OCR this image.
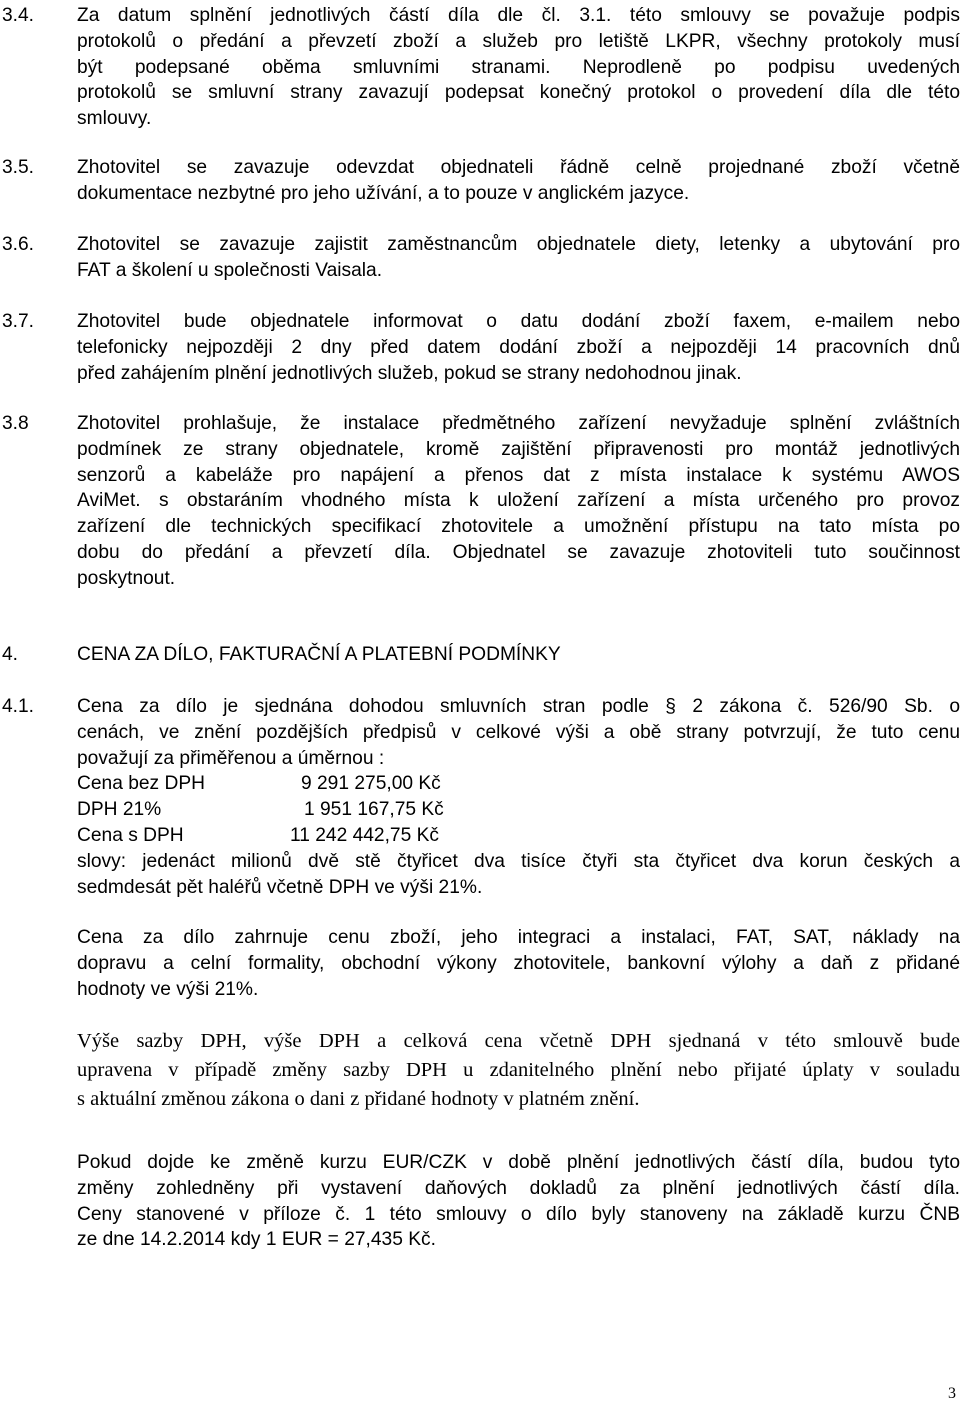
3.4.	Za datum splnění jednotlivých částí díla dle čl. 3.1. této smlouvy se považuje podpis
protokolů o předání a převzetí zboží a služeb pro letiště LKPR, všechny protokoly musí
být podepsané oběma smluvními stranami. Neprodleně po podpisu uvedených
protokolů se smluvní strany zavazují podepsat konečný protokol o provedení díla dle této
smlouvy.
3.5.	Zhotovitel se zavazuje odevzdat objednateli řádně celně projednané zboží včetně
dokumentace nezbytné pro jeho užívání, a to pouze v anglickém jazyce.
3.6.	Zhotovitel se zavazuje zajistit zaměstnancům objednatele diety, letenky a ubytování pro
FAT a školení u společnosti Vaisala.
3.7.	Zhotovitel bude objednatele informovat o datu dodání zboží faxem, e-mailem nebo
telefonicky nejpozději 2 dny před datem dodání zboží a nejpozději 14 pracovních dnů
před zahájením plnění jednotlivých služeb, pokud se strany nedohodnou jinak.
3.8	Zhotovitel prohlašuje, že instalace předmětného zařízení nevyžaduje splnění zvláštních
podmínek ze strany objednatele, kromě zajištění připravenosti pro montáž jednotlivých
senzorů a kabeláže pro napájení a přenos dat z místa instalace k systému AWOS
AviMet. s obstaráním vhodného místa k uložení zařízení a místa určeného pro provoz
zařízení dle technických specifikací zhotovitele a umožnění přístupu na tato místa po
dobu do předání a převzetí díla. Objednatel se zavazuje zhotoviteli tuto součinnost
poskytnout.
4.	CENA ZA DÍLO, FAKTURAČNÍ A PLATEBNÍ PODMÍNKY
4.1.	Cena za dílo je sjednána dohodou smluvních stran podle § 2 zákona č. 526/90 Sb. o
cenách, ve znění pozdějších předpisů v celkové výši a obě strany potvrzují, že tuto cenu
považují za přiměřenou a úměrnou :
Cena bez DPH	9 291 275,00 Kč
DPH 21%	1 951 167,75 Kč
Cena s DPH	11 242 442,75 Kč
slovy: jedenáct milionů dvě stě čtyřicet dva tisíce čtyři sta čtyřicet dva korun českých a
sedmdesát pět haléřů včetně DPH ve výši 21%.
Cena za dílo zahrnuje cenu zboží, jeho integraci a instalaci, FAT, SAT, náklady na
dopravu a celní formality, obchodní výkony zhotovitele, bankovní výlohy a daň z přidané
hodnoty ve výši 21%.
Výše sazby DPH, výše DPH a celková cena včetně DPH sjednaná v této smlouvě bude
upravena v případě změny sazby DPH u zdanitelného plnění nebo přijaté úplaty v souladu
s aktuální změnou zákona o dani z přidané hodnoty v platném znění.
Pokud dojde ke změně kurzu EUR/CZK v době plnění jednotlivých částí díla, budou tyto
změny zohledněny při vystavení daňových dokladů za plnění jednotlivých částí díla.
Ceny stanovené v příloze č. 1 této smlouvy o dílo byly stanoveny na základě kurzu ČNB
ze dne 14.2.2014 kdy 1 EUR = 27,435 Kč.
3
